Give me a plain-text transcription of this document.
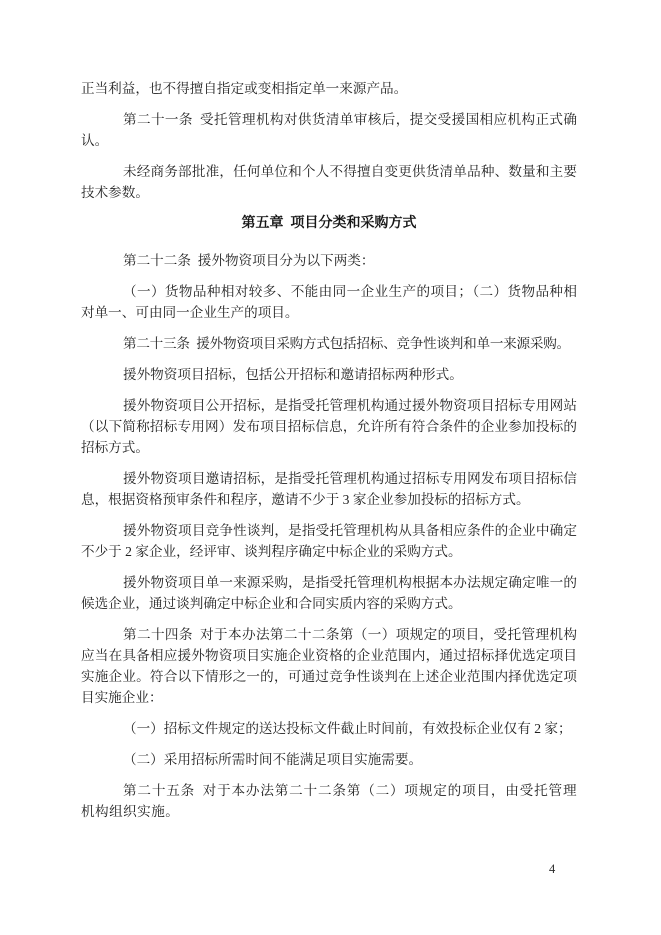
正当利益，也不得擅自指定或变相指定单一来源产品。

第二十一条 受托管理机构对供货清单审核后，提交受援国相应机构正式确认。

未经商务部批准，任何单位和个人不得擅自变更供货清单品种、数量和主要技术参数。

第五章 项目分类和采购方式

第二十二条 援外物资项目分为以下两类：

（一）货物品种相对较多、不能由同一企业生产的项目；（二）货物品种相对单一、可由同一企业生产的项目。

第二十三条 援外物资项目采购方式包括招标、竞争性谈判和单一来源采购。

援外物资项目招标，包括公开招标和邀请招标两种形式。

援外物资项目公开招标，是指受托管理机构通过援外物资项目招标专用网站（以下简称招标专用网）发布项目招标信息，允许所有符合条件的企业参加投标的招标方式。

援外物资项目邀请招标，是指受托管理机构通过招标专用网发布项目招标信息，根据资格预审条件和程序，邀请不少于 3 家企业参加投标的招标方式。

援外物资项目竞争性谈判，是指受托管理机构从具备相应条件的企业中确定不少于 2 家企业，经评审、谈判程序确定中标企业的采购方式。

援外物资项目单一来源采购，是指受托管理机构根据本办法规定确定唯一的候选企业，通过谈判确定中标企业和合同实质内容的采购方式。

第二十四条 对于本办法第二十二条第（一）项规定的项目，受托管理机构应当在具备相应援外物资项目实施企业资格的企业范围内，通过招标择优选定项目实施企业。符合以下情形之一的，可通过竞争性谈判在上述企业范围内择优选定项目实施企业：

（一）招标文件规定的送达投标文件截止时间前，有效投标企业仅有 2 家；

（二）采用招标所需时间不能满足项目实施需要。

第二十五条 对于本办法第二十二条第（二）项规定的项目，由受托管理机构组织实施。

4
